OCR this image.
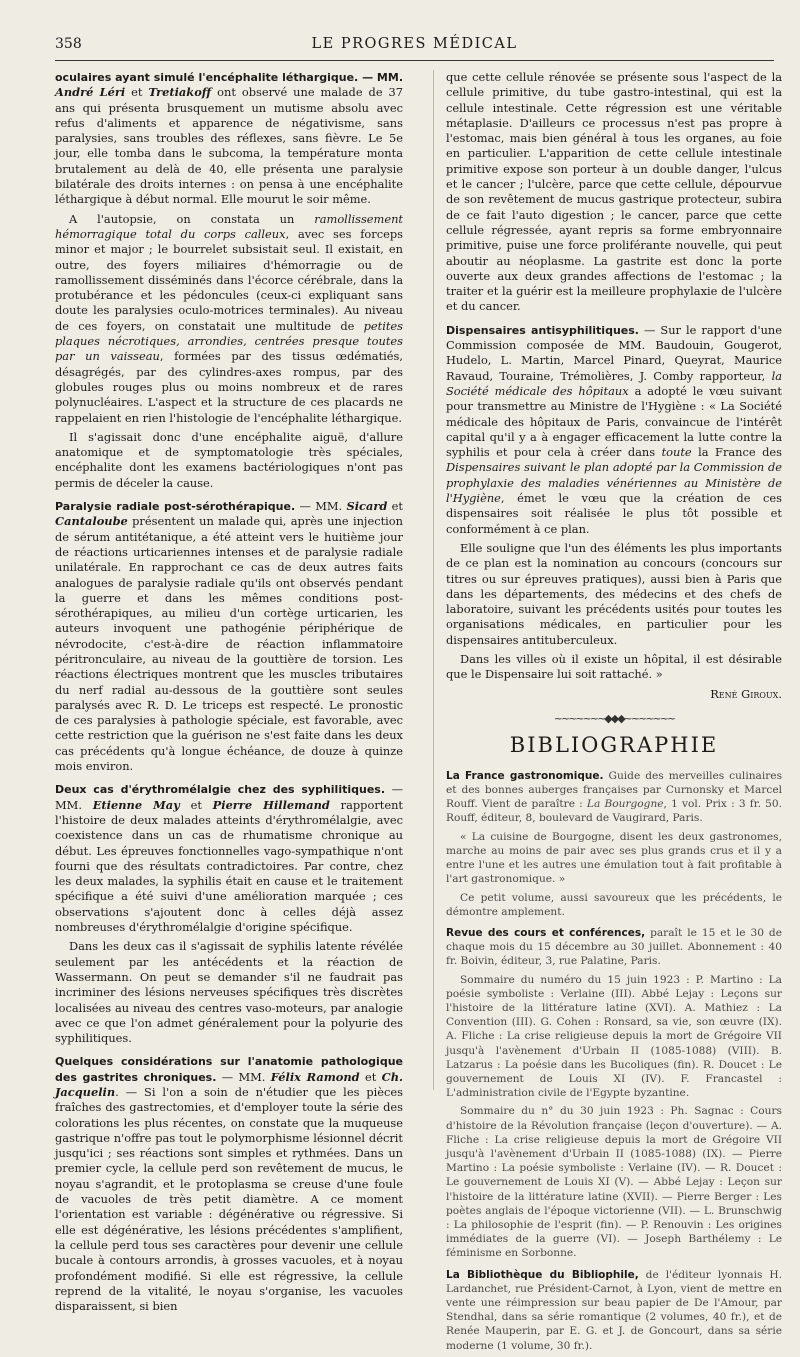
358	LE PROGRES MÉDICAL

oculaires ayant simulé l'encéphalite léthargique. — MM. André Léri et Tretiakoff ont observé une malade de 37 ans qui présenta brusquement un mutisme absolu avec refus d'aliments et apparence de négativisme, sans paralysies, sans troubles des réflexes, sans fièvre. Le 5e jour, elle tomba dans le subcoma, la température monta brutalement au delà de 40, elle présenta une paralysie bilatérale des droits internes : on pensa à une encéphalite léthargique à début normal. Elle mourut le soir même.

A l'autopsie, on constata un ramollissement hémorragique total du corps calleux, avec ses forceps minor et major ; le bourrelet subsistait seul. Il existait, en outre, des foyers miliaires d'hémorragie ou de ramollissement disséminés dans l'écorce cérébrale, dans la protubérance et les pédoncules (ceux-ci expliquant sans doute les paralysies oculo-motrices terminales). Au niveau de ces foyers, on constatait une multitude de petites plaques nécrotiques, arrondies, centrées presque toutes par un vaisseau, formées par des tissus œdématiés, désagrégés, par des cylindres-axes rompus, par des globules rouges plus ou moins nombreux et de rares polynucléaires. L'aspect et la structure de ces placards ne rappelaient en rien l'histologie de l'encéphalite léthargique.

Il s'agissait donc d'une encéphalite aiguë, d'allure anatomique et de symptomatologie très spéciales, encéphalite dont les examens bactériologiques n'ont pas permis de déceler la cause.

Paralysie radiale post-sérothérapique. — MM. Sicard et Cantaloube présentent un malade qui, après une injection de sérum antitétanique, a été atteint vers le huitième jour de réactions urticariennes intenses et de paralysie radiale unilatérale. En rapprochant ce cas de deux autres faits analogues de paralysie radiale qu'ils ont observés pendant la guerre et dans les mêmes conditions post-sérothérapiques, au milieu d'un cortège urticarien, les auteurs invoquent une pathogénie périphérique de névrodocite, c'est-à-dire de réaction inflammatoire péritronculaire, au niveau de la gouttière de torsion. Les réactions électriques montrent que les muscles tributaires du nerf radial au-dessous de la gouttière sont seules paralysés avec R. D. Le triceps est respecté. Le pronostic de ces paralysies à pathologie spéciale, est favorable, avec cette restriction que la guérison ne s'est faite dans les deux cas précédents qu'à longue échéance, de douze à quinze mois environ.

Deux cas d'érythromélalgie chez des syphilitiques. — MM. Etienne May et Pierre Hillemand rapportent l'histoire de deux malades atteints d'érythromélalgie, avec coexistence dans un cas de rhumatisme chronique au début. Les épreuves fonctionnelles vago-sympathique n'ont fourni que des résultats contradictoires. Par contre, chez les deux malades, la syphilis était en cause et le traitement spécifique a été suivi d'une amélioration marquée ; ces observations s'ajoutent donc à celles déjà assez nombreuses d'érythromélalgie d'origine spécifique.

Dans les deux cas il s'agissait de syphilis latente révélée seulement par les antécédents et la réaction de Wassermann. On peut se demander s'il ne faudrait pas incriminer des lésions nerveuses spécifiques très discrètes localisées au niveau des centres vaso-moteurs, par analogie avec ce que l'on admet généralement pour la polyurie des syphilitiques.

Quelques considérations sur l'anatomie pathologique des gastrites chroniques. — MM. Félix Ramond et Ch. Jacquelin. — Si l'on a soin de n'étudier que les pièces fraîches des gastrectomies, et d'employer toute la série des colorations les plus récentes, on constate que la muqueuse gastrique n'offre pas tout le polymorphisme lésionnel décrit jusqu'ici ; ses réactions sont simples et rythmées. Dans un premier cycle, la cellule perd son revêtement de mucus, le noyau s'agrandit, et le protoplasma se creuse d'une foule de vacuoles de très petit diamètre. A ce moment l'orientation est variable : dégénérative ou régressive. Si elle est dégénérative, les lésions précédentes s'amplifient, la cellule perd tous ses caractères pour devenir une cellule bucale à contours arrondis, à grosses vacuoles, et à noyau profondément modifié. Si elle est régressive, la cellule reprend de la vitalité, le noyau s'organise, les vacuoles disparaissent, si bien

que cette cellule rénovée se présente sous l'aspect de la cellule primitive, du tube gastro-intestinal, qui est la cellule intestinale. Cette régression est une véritable métaplasie. D'ailleurs ce processus n'est pas propre à l'estomac, mais bien général à tous les organes, au foie en particulier. L'apparition de cette cellule intestinale primitive expose son porteur à un double danger, l'ulcus et le cancer ; l'ulcère, parce que cette cellule, dépourvue de son revêtement de mucus gastrique protecteur, subira de ce fait l'auto digestion ; le cancer, parce que cette cellule régressée, ayant repris sa forme embryonnaire primitive, puise une force proliférante nouvelle, qui peut aboutir au néoplasme. La gastrite est donc la porte ouverte aux deux grandes affections de l'estomac ; la traiter et la guérir est la meilleure prophylaxie de l'ulcère et du cancer.

Dispensaires antisyphilitiques. — Sur le rapport d'une Commission composée de MM. Baudouin, Gougerot, Hudelo, L. Martin, Marcel Pinard, Queyrat, Maurice Ravaud, Touraine, Trémolières, J. Comby rapporteur, la Société médicale des hôpitaux a adopté le vœu suivant pour transmettre au Ministre de l'Hygiène : « La Société médicale des hôpitaux de Paris, convaincue de l'intérêt capital qu'il y a à engager efficacement la lutte contre la syphilis et pour cela à créer dans toute la France des Dispensaires suivant le plan adopté par la Commission de prophylaxie des maladies vénériennes au Ministère de l'Hygiène, émet le vœu que la création de ces dispensaires soit réalisée le plus tôt possible et conformément à ce plan.

Elle souligne que l'un des éléments les plus importants de ce plan est la nomination au concours (concours sur titres ou sur épreuves pratiques), aussi bien à Paris que dans les départements, des médecins et des chefs de laboratoire, suivant les précédents usités pour toutes les organisations médicales, en particulier pour les dispensaires antituberculeux.

Dans les villes où il existe un hôpital, il est désirable que le Dispensaire lui soit rattaché. »

René Giroux.

~~~~~~~◆◆◆~~~~~~~
BIBLIOGRAPHIE

La France gastronomique. Guide des merveilles culinaires et des bonnes auberges françaises par Curnonsky et Marcel Rouff. Vient de paraître : La Bourgogne, 1 vol. Prix : 3 fr. 50. Rouff, éditeur, 8, boulevard de Vaugirard, Paris.

« La cuisine de Bourgogne, disent les deux gastronomes, marche au moins de pair avec ses plus grands crus et il y a entre l'une et les autres une émulation tout à fait profitable à l'art gastronomique. »

Ce petit volume, aussi savoureux que les précédents, le démontre amplement.

Revue des cours et conférences, paraît le 15 et le 30 de chaque mois du 15 décembre au 30 juillet. Abonnement : 40 fr. Boivin, éditeur, 3, rue Palatine, Paris.

Sommaire du numéro du 15 juin 1923 : P. Martino : La poésie symboliste : Verlaine (III). Abbé Lejay : Leçons sur l'histoire de la littérature latine (XVI). A. Mathiez : La Convention (III). G. Cohen : Ronsard, sa vie, son œuvre (IX). A. Fliche : La crise religieuse depuis la mort de Grégoire VII jusqu'à l'avènement d'Urbain II (1085-1088) (VIII). B. Latzarus : La poésie dans les Bucoliques (fin). R. Doucet : Le gouvernement de Louis XI (IV). F. Francastel : L'administration civile de l'Egypte byzantine.

Sommaire du n° du 30 juin 1923 : Ph. Sagnac : Cours d'histoire de la Révolution française (leçon d'ouverture). — A. Fliche : La crise religieuse depuis la mort de Grégoire VII jusqu'à l'avènement d'Urbain II (1085-1088) (IX). — Pierre Martino : La poésie symboliste : Verlaine (IV). — R. Doucet : Le gouvernement de Louis XI (V). — Abbé Lejay : Leçon sur l'histoire de la littérature latine (XVII). — Pierre Berger : Les poètes anglais de l'époque victorienne (VII). — L. Brunschwig : La philosophie de l'esprit (fin). — P. Renouvin : Les origines immédiates de la guerre (VI). — Joseph Barthélemy : Le féminisme en Sorbonne.

La Bibliothèque du Bibliophile, de l'éditeur lyonnais H. Lardanchet, rue Président-Carnot, à Lyon, vient de mettre en vente une réimpression sur beau papier de De l'Amour, par Stendhal, dans sa série romantique (2 volumes, 40 fr.), et de Renée Mauperin, par E. G. et J. de Goncourt, dans sa série moderne (1 volume, 30 fr.).
